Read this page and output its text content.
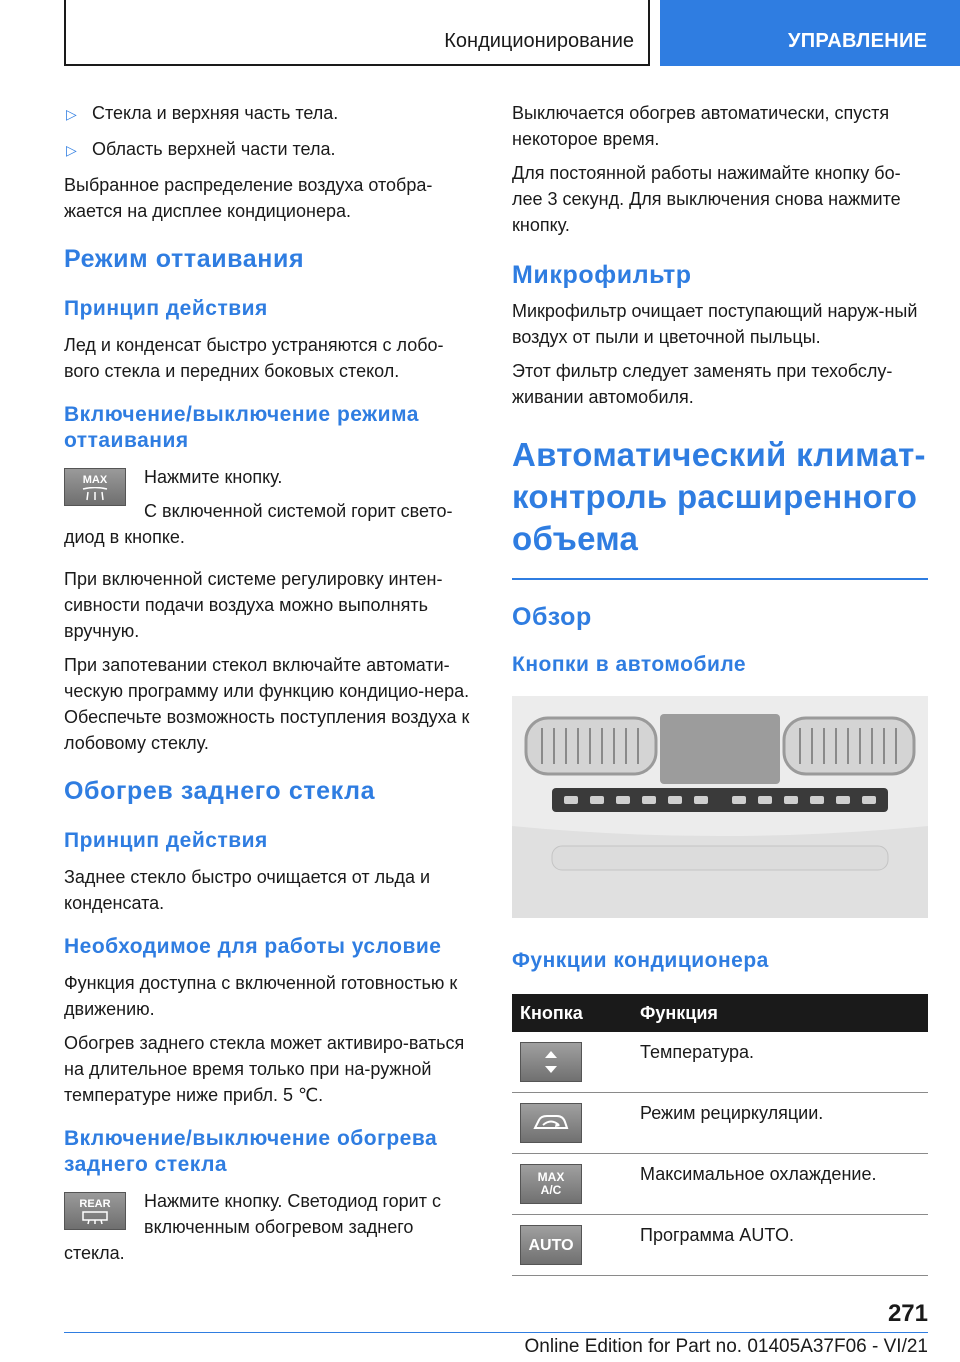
Кондиционирование	УПРАВЛЕНИЕ
▷ Стекла и верхняя часть тела.
▷ Область верхней части тела.

Выбранное распределение воздуха отобра-жается на дисплее кондиционера.

Режим оттаивания
Принцип действия

Лед и конденсат быстро устраняются с лобо-вого стекла и передних боковых стекол.

Включение/выключение режима оттаивания
MAX	Нажмите кнопку.

С включенной системой горит свето-диод в кнопке.

При включенной системе регулировку интен-сивности подачи воздуха можно выполнять вручную.

При запотевании стекол включайте автомати-ческую программу или функцию кондицио-нера. Обеспечьте возможность поступления воздуха к лобовому стеклу.

Обогрев заднего стекла
Принцип действия

Заднее стекло быстро очищается от льда и конденсата.

Необходимое для работы условие

Функция доступна с включенной готовностью к движению.

Обогрев заднего стекла может активиро-ваться на длительное время только при на-ружной температуре ниже прибл. 5 ℃.

Включение/выключение обогрева заднего стекла
REAR	Нажмите кнопку. Светодиод горит с включенным обогревом заднего стекла.

Выключается обогрев автоматически, спустя некоторое время.

Для постоянной работы нажимайте кнопку бо-лее 3 секунд. Для выключения снова нажмите кнопку.

Микрофильтр

Микрофильтр очищает поступающий наруж-ный воздух от пыли и цветочной пыльцы.

Этот фильтр следует заменять при техобслу-живании автомобиля.

Автоматический климат-контроль расширенного объема
Обзор
Кнопки в автомобиле
Функции кондиционера
Кнопка	Функция

	Температура.

	Режим рециркуляции.

MAX
A/C	Максимальное охлаждение.

AUTO	Программа AUTO.
271
Online Edition for Part no. 01405A37F06 - VI/21
